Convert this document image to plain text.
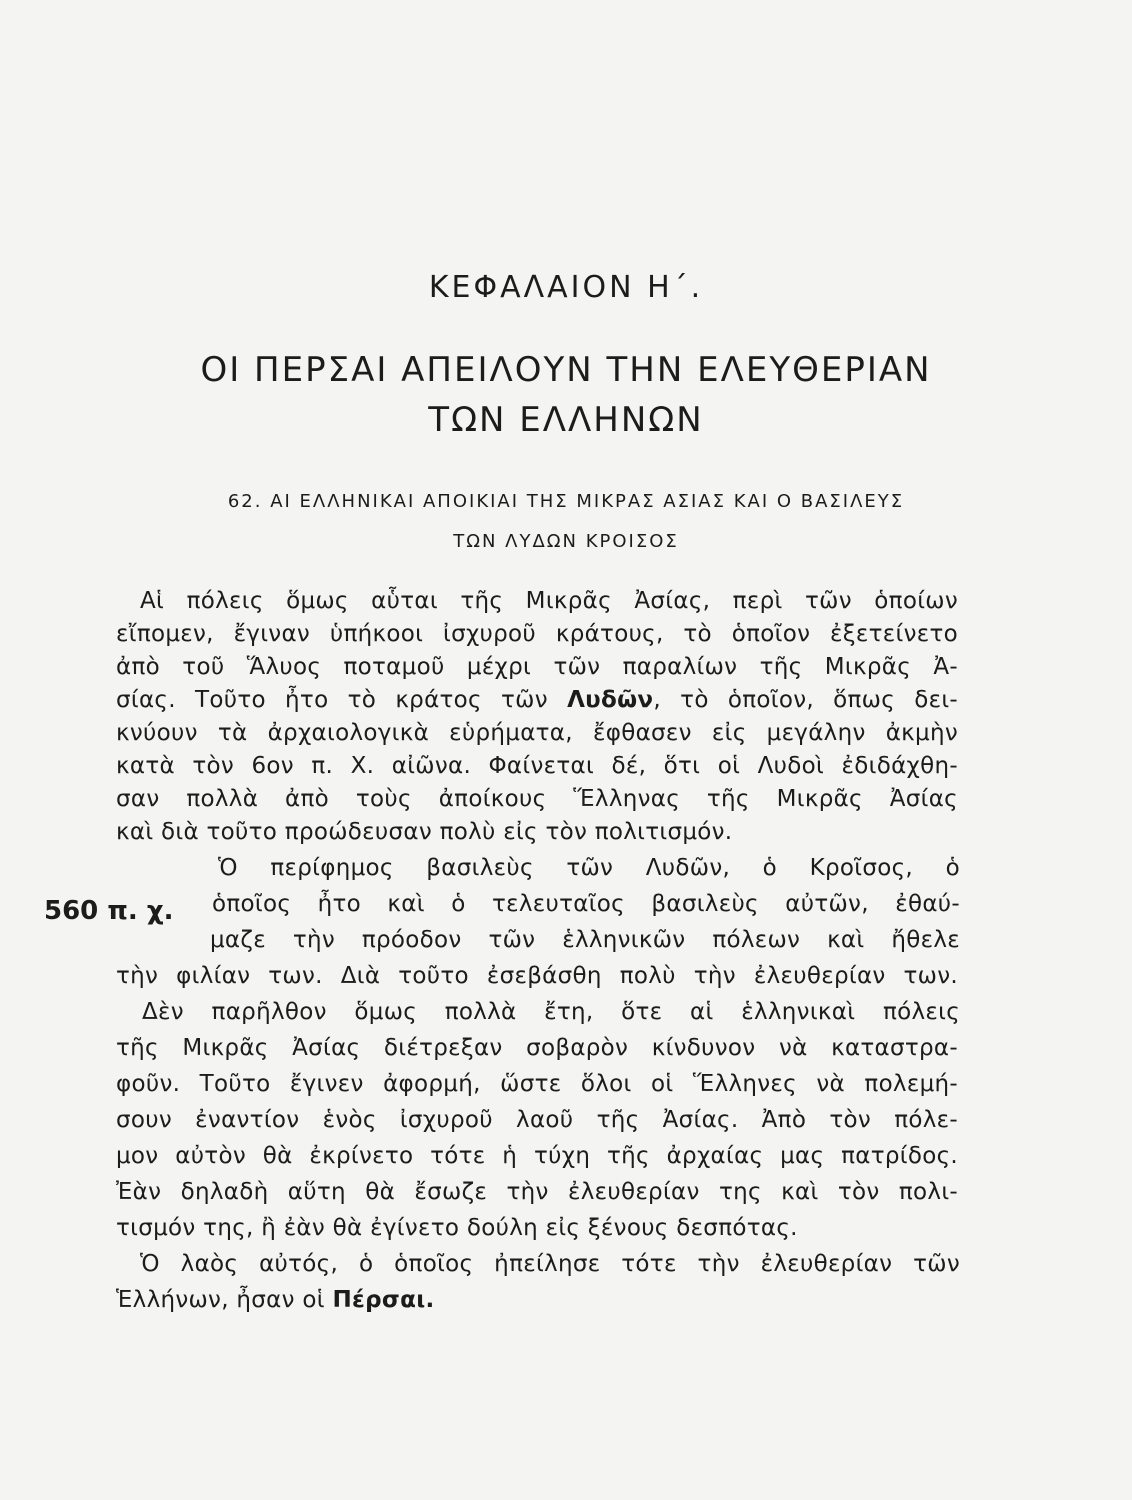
ΚΕΦΑΛΑΙΟΝ Η΄.
ΟΙ ΠΕΡΣΑΙ ΑΠΕΙΛΟΥΝ ΤΗΝ ΕΛΕΥΘΕΡΙΑΝ
ΤΩΝ ΕΛΛΗΝΩΝ
62. ΑΙ ΕΛΛΗΝΙΚΑΙ ΑΠΟΙΚΙΑΙ ΤΗΣ ΜΙΚΡΑΣ ΑΣΙΑΣ ΚΑΙ Ο ΒΑΣΙΛΕΥΣ
ΤΩΝ ΛΥΔΩΝ ΚΡΟΙΣΟΣ
560 π. χ.
Αἱ πόλεις ὅμως αὗται τῆς Μικρᾶς Ἀσίας, περὶ τῶν ὁποίων
εἴπομεν, ἔγιναν ὑπήκοοι ἰσχυροῦ κράτους, τὸ ὁποῖον ἐξετείνετο
ἀπὸ τοῦ Ἅλυος ποταμοῦ μέχρι τῶν παραλίων τῆς Μικρᾶς Ἀ-
σίας. Τοῦτο ἦτο τὸ κράτος τῶν Λυδῶν, τὸ ὁποῖον, ὅπως δει-
κνύουν τὰ ἀρχαιολογικὰ εὑρήματα, ἔφθασεν εἰς μεγάλην ἀκμὴν
κατὰ τὸν 6ον π. Χ. αἰῶνα. Φαίνεται δέ, ὅτι οἱ Λυδοὶ ἐδιδάχθη-
σαν πολλὰ ἀπὸ τοὺς ἀποίκους Ἕλληνας τῆς Μικρᾶς Ἀσίας
καὶ διὰ τοῦτο προώδευσαν πολὺ εἰς τὸν πολιτισμόν.
Ὁ περίφημος βασιλεὺς τῶν Λυδῶν, ὁ Κροῖσος, ὁ
ὁποῖος ἦτο καὶ ὁ τελευταῖος βασιλεὺς αὐτῶν, ἐθαύ-
μαζε τὴν πρόοδον τῶν ἑλληνικῶν πόλεων καὶ ἤθελε
τὴν φιλίαν των. Διὰ τοῦτο ἐσεβάσθη πολὺ τὴν ἐλευθερίαν των.
Δὲν παρῆλθον ὅμως πολλὰ ἔτη, ὅτε αἱ ἑλληνικαὶ πόλεις
τῆς Μικρᾶς Ἀσίας διέτρεξαν σοβαρὸν κίνδυνον νὰ καταστρα-
φοῦν. Τοῦτο ἔγινεν ἀφορμή, ὥστε ὅλοι οἱ Ἕλληνες νὰ πολεμή-
σουν ἐναντίον ἑνὸς ἰσχυροῦ λαοῦ τῆς Ἀσίας. Ἀπὸ τὸν πόλε-
μον αὐτὸν θὰ ἐκρίνετο τότε ἡ τύχη τῆς ἀρχαίας μας πατρίδος.
Ἐὰν δηλαδὴ αὕτη θὰ ἔσωζε τὴν ἐλευθερίαν της καὶ τὸν πολι-
τισμόν της, ἢ ἐὰν θὰ ἐγίνετο δούλη εἰς ξένους δεσπότας.
Ὁ λαὸς αὐτός, ὁ ὁποῖος ἠπείλησε τότε τὴν ἐλευθερίαν τῶν
Ἑλλήνων, ἦσαν οἱ Πέρσαι.
